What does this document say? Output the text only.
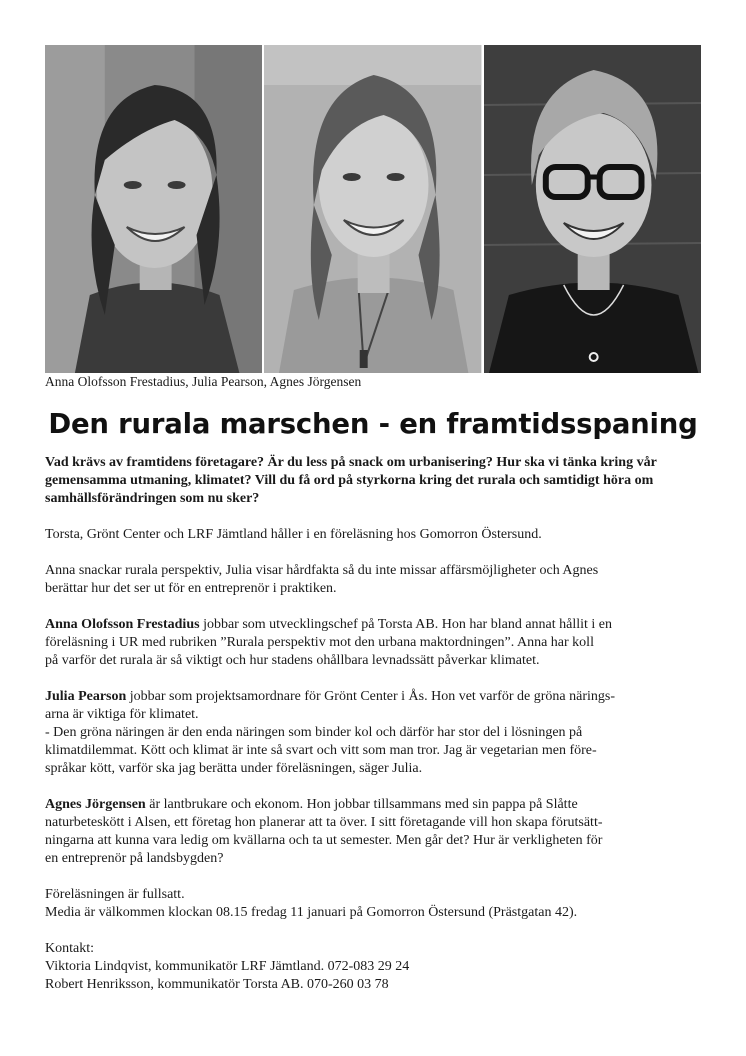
Anna Olofsson Frestadius, Julia Pearson, Agnes Jörgensen
Den rurala marschen - en framtidsspaning

Vad krävs av framtidens företagare? Är du less på snack om urbanisering? Hur ska vi tänka kring vår
gemensamma utmaning, klimatet? Vill du få ord på styrkorna kring det rurala och samtidigt höra om
samhällsförändringen som nu sker?

Torsta, Grönt Center och LRF Jämtland håller i en föreläsning hos Gomorron Östersund.

Anna snackar rurala perspektiv, Julia visar hårdfakta så du inte missar affärsmöjligheter och Agnes
berättar hur det ser ut för en entreprenör i praktiken.

Anna Olofsson Frestadius jobbar som utvecklingschef på Torsta AB. Hon har bland annat hållit i en
föreläsning i UR med rubriken ”Rurala perspektiv mot den urbana maktordningen”. Anna har koll
på varför det rurala är så viktigt och hur stadens ohållbara levnadssätt påverkar klimatet.

Julia Pearson jobbar som projektsamordnare för Grönt Center i Ås. Hon vet varför de gröna närings-
arna är viktiga för klimatet.
- Den gröna näringen är den enda näringen som binder kol och därför har stor del i lösningen på
klimatdilemmat. Kött och klimat är inte så svart och vitt som man tror. Jag är vegetarian men före-
språkar kött, varför ska jag berätta under föreläsningen, säger Julia.

Agnes Jörgensen är lantbrukare och ekonom. Hon jobbar tillsammans med sin pappa på Slåtte
naturbeteskött i Alsen, ett företag hon planerar att ta över. I sitt företagande vill hon skapa förutsätt-
ningarna att kunna vara ledig om kvällarna och ta ut semester. Men går det? Hur är verkligheten för
en entreprenör på landsbygden?

Föreläsningen är fullsatt.
Media är välkommen klockan 08.15 fredag 11 januari på Gomorron Östersund (Prästgatan 42).

Kontakt:
Viktoria Lindqvist, kommunikatör LRF Jämtland. 072-083 29 24
Robert Henriksson, kommunikatör Torsta AB. 070-260 03 78
